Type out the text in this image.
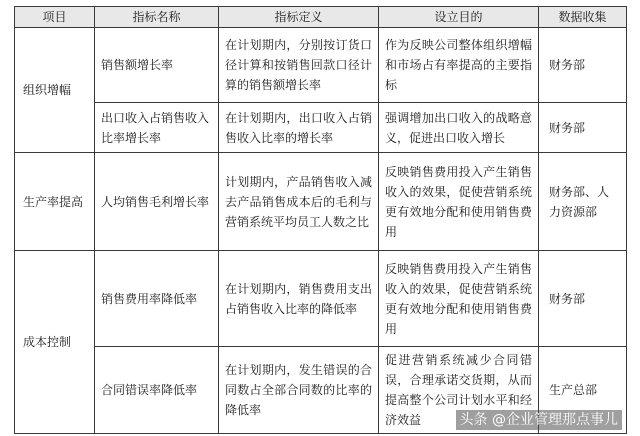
项目	指标名称	指标定义	设立目的	数据收集
组织增幅	销售额增长率	在计划期内，分别按订货口径计算和按销售回款口径计算的销售额增长率	作为反映公司整体组织增幅和市场占有率提高的主要指标	财务部
	出口收入占销售收入比率增长率	在计划期内，出口收入占销售收入比率的增长率	强调增加出口收入的战略意义，促进出口收入增长	财务部
生产率提高	人均销售毛利增长率	计划期内，产品销售收入减去产品销售成本后的毛利与营销系统平均员工人数之比	反映销售费用投入产生销售收入的效果，促使营销系统更有效地分配和使用销售费用	财务部、人力资源部
成本控制	销售费用率降低率	在计划期内，销售费用支出占销售收入比率的降低率	反映销售费用投入产生销售收入的效果，促使营销系统更有效地分配和使用销售费用	财务部
	合同错误率降低率	在计划期内，发生错误的合同数占全部合同数的比率的降低率	促进营销系统减少合同错误，合理承诺交货期，从而提高整个公司计划水平和经济效益	生产总部
头条 @企业管理那点事儿
